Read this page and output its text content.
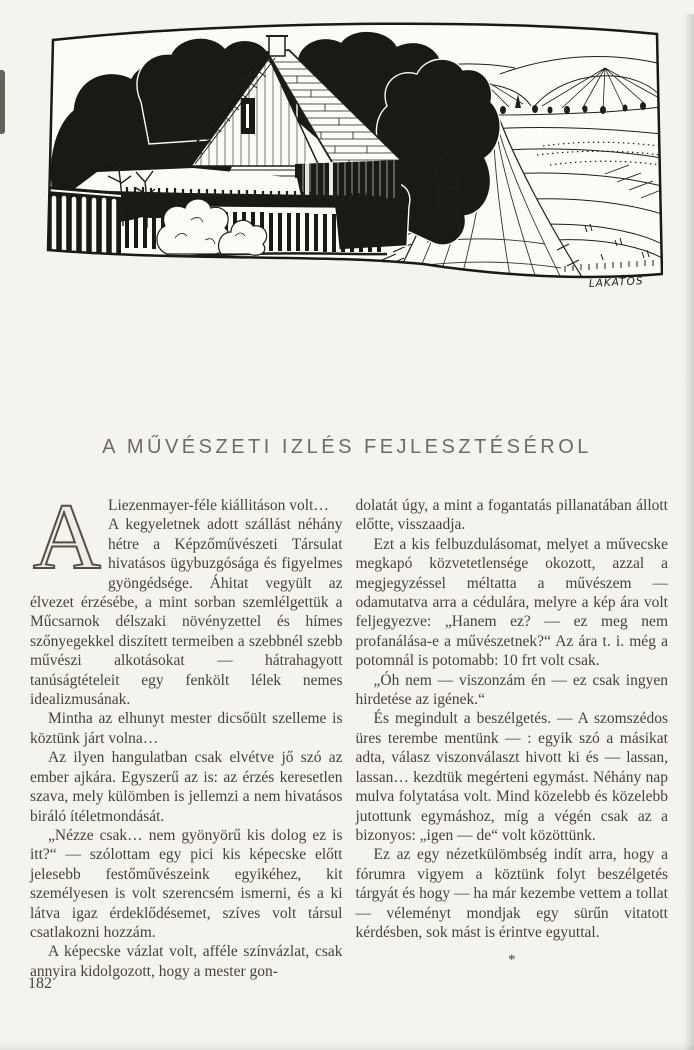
LAKATOS
A MŰVÉSZETI IZLÉS FEJLESZTÉSÉROL

A Liezenmayer-féle kiállitáson volt…
A kegyeletnek adott szállást néhány hétre a Képzőművészeti Társulat hivatásos ügybuzgósága és figyelmes gyöngédsége. Áhitat vegyült az élvezet érzésébe, a mint sorban szemlélgettük a Műcsarnok délszaki növényzettel és hímes szőnyegekkel diszített termeiben a szebbnél szebb művészi alkotásokat — hátrahagyott tanúságtételeit egy fenkölt lélek nemes idealizmusának.

Mintha az elhunyt mester dicsőült szelleme is köztünk járt volna…

Az ilyen hangulatban csak elvétve jő szó az ember ajkára. Egyszerű az is: az érzés keresetlen szava, mely külömben is jellemzi a nem hivatásos biráló ítéletmondását.

„Nézze csak… nem gyönyörű kis dolog ez is itt?“ — szólottam egy pici kis képecske előtt jelesebb festőművészeink egyikéhez, kit személyesen is volt szerencsém ismerni, és a ki látva igaz érdeklődésemet, szíves volt társul csatlakozni hozzám.

A képecske vázlat volt, afféle színvázlat, csak annyira kidolgozott, hogy a mester gon-

dolatát úgy, a mint a fogantatás pillanatában állott előtte, visszaadja.

Ezt a kis felbuzdulásomat, melyet a művecske megkapó közvetetlensége okozott, azzal a megjegyzéssel méltatta a művészem — odamutatva arra a cédulára, melyre a kép ára volt feljegyezve: „Hanem ez? — ez meg nem profanálása-e a művészetnek?“ Az ára t. i. még a potomnál is potomabb: 10 frt volt csak.

„Óh nem — viszonzám én — ez csak ingyen hirdetése az igének.“

És megindult a beszélgetés. — A szomszédos üres terembe mentünk — : egyik szó a másikat adta, válasz viszonválaszt hivott ki és — lassan, lassan… kezdtük megérteni egymást. Néhány nap mulva folytatása volt. Mind közelebb és közelebb jutottunk egymáshoz, míg a végén csak az a bizonyos: „igen — de“ volt közöttünk.

Ez az egy nézetkülömbség indít arra, hogy a fórumra vigyem a köztünk folyt beszélgetés tárgyát és hogy — ha már kezembe vettem a tollat — véleményt mondjak egy sürűn vitatott kérdésben, sok mást is érintve egyuttal.

*
182
